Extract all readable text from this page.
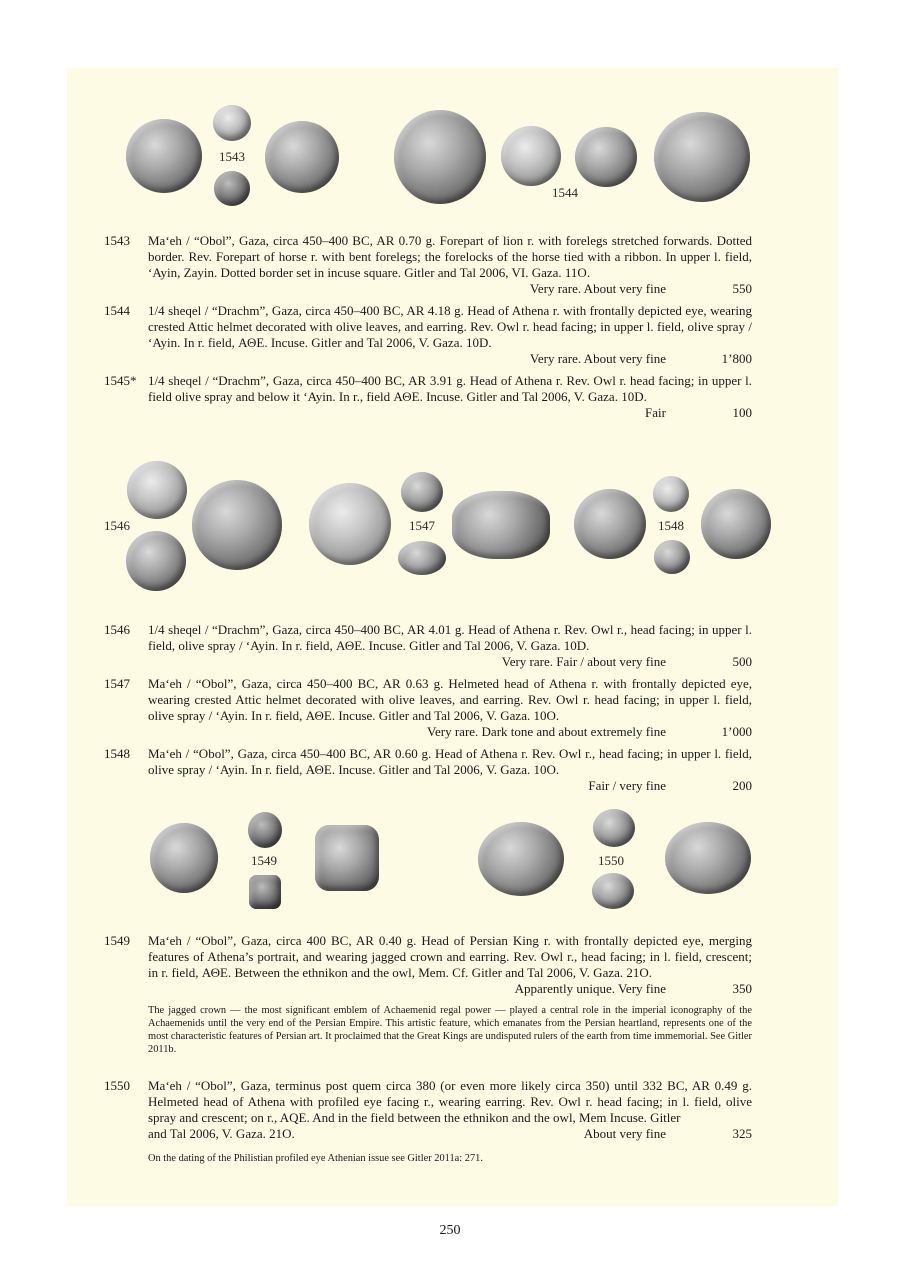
1543
1544
1543 Ma‘eh / “Obol”, Gaza, circa 450–400 BC, AR 0.70 g. Forepart of lion r. with forelegs stretched forwards. Dotted border. Rev. Forepart of horse r. with bent forelegs; the forelocks of the horse tied with a ribbon. In upper l. field, ‘Ayin, Zayin. Dotted border set in incuse square. Gitler and Tal 2006, VI. Gaza. 11O.
Very rare. About very fine	550
1544 1/4 sheqel / “Drachm”, Gaza, circa 450–400 BC, AR 4.18 g. Head of Athena r. with frontally depicted eye, wearing crested Attic helmet decorated with olive leaves, and earring. Rev. Owl r. head facing; in upper l. field, olive spray / ‘Ayin. In r. field, ΑΘΕ. Incuse. Gitler and Tal 2006, V. Gaza. 10D.
Very rare. About very fine	1’800
1545* 1/4 sheqel / “Drachm”, Gaza, circa 450–400 BC, AR 3.91 g. Head of Athena r. Rev. Owl r. head facing; in upper l. field olive spray and below it ‘Ayin. In r., field ΑΘΕ. Incuse. Gitler and Tal 2006, V. Gaza. 10D.
Fair	100
1546	1547	1548
1546 1/4 sheqel / “Drachm”, Gaza, circa 450–400 BC, AR 4.01 g. Head of Athena r. Rev. Owl r., head facing; in upper l. field, olive spray / ‘Ayin. In r. field, ΑΘΕ. Incuse. Gitler and Tal 2006, V. Gaza. 10D.
Very rare. Fair / about very fine	500
1547 Ma‘eh / “Obol”, Gaza, circa 450–400 BC, AR 0.63 g. Helmeted head of Athena r. with frontally depicted eye, wearing crested Attic helmet decorated with olive leaves, and earring. Rev. Owl r. head facing; in upper l. field, olive spray / ‘Ayin. In r. field, ΑΘΕ. Incuse. Gitler and Tal 2006, V. Gaza. 10O.
Very rare. Dark tone and about extremely fine	1’000
1548 Ma‘eh / “Obol”, Gaza, circa 450–400 BC, AR 0.60 g. Head of Athena r. Rev. Owl r., head facing; in upper l. field, olive spray / ‘Ayin. In r. field, ΑΘΕ. Incuse. Gitler and Tal 2006, V. Gaza. 10O.
Fair / very fine	200
1549	1550
1549 Ma‘eh / “Obol”, Gaza, circa 400 BC, AR 0.40 g. Head of Persian King r. with frontally depicted eye, merging features of Athena’s portrait, and wearing jagged crown and earring. Rev. Owl r., head facing; in l. field, crescent; in r. field, ΑΘΕ. Between the ethnikon and the owl, Mem. Cf. Gitler and Tal 2006, V. Gaza. 21O.
Apparently unique. Very fine	350
The jagged crown — the most significant emblem of Achaemenid regal power — played a central role in the imperial iconography of the Achaemenids until the very end of the Persian Empire. This artistic feature, which emanates from the Persian heartland, represents one of the most characteristic features of Persian art. It proclaimed that the Great Kings are undisputed rulers of the earth from time immemorial. See Gitler 2011b.
1550 Ma‘eh / “Obol”, Gaza, terminus post quem circa 380 (or even more likely circa 350) until 332 BC, AR 0.49 g. Helmeted head of Athena with profiled eye facing r., wearing earring. Rev. Owl r. head facing; in l. field, olive spray and crescent; on r., AQE. And in the field between the ethnikon and the owl, Mem Incuse. Gitler
and Tal 2006, V. Gaza. 21O.	About very fine	325
On the dating of the Philistian profiled eye Athenian issue see Gitler 2011a: 271.
250
